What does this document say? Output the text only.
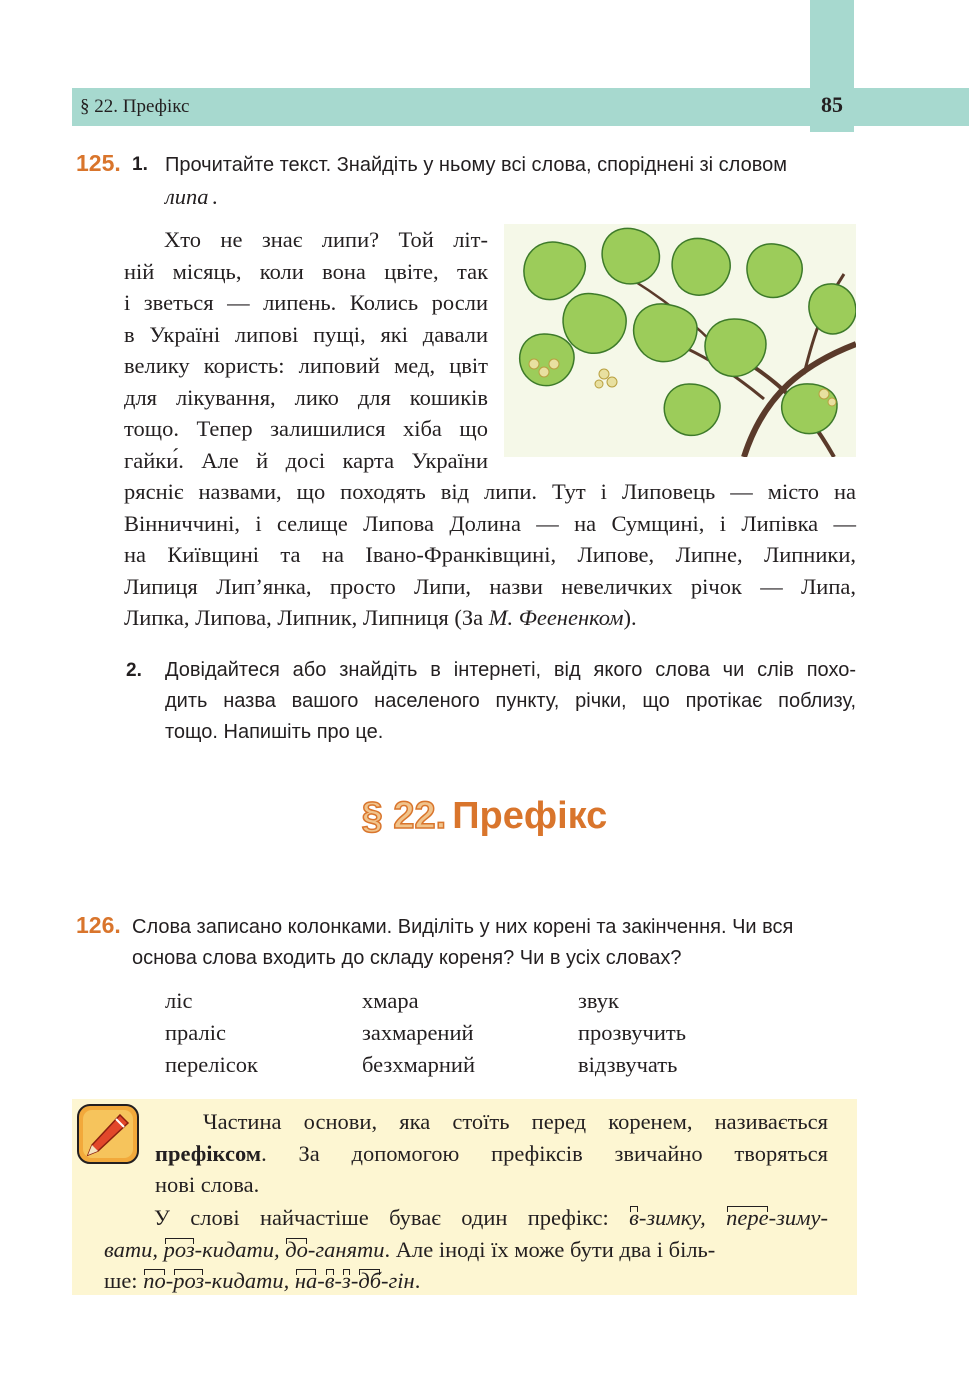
§ 22. Префікс	85
125. 1. Прочитайте текст. Знайдіть у ньому всі слова, споріднені зі словом
липа .
Хто не знає липи? Той літ-
ній місяць, коли вона цвіте, так
і зветься — липень. Колись росли
в Україні липові пущі, які давали
велику користь: липовий мед, цвіт
для лікування, лико для кошиків
тощо. Тепер залишилися хіба що
гайки́. Але й досі карта України
ряснiє назвами, що походять від липи. Тут і Липовець — місто на
Вінниччині, і селище Липова Долина — на Сумщині, і Липівка —
на Київщині та на Івано-Франківщині, Липове, Липне, Липники,
Липиця Лип’янка, просто Липи, назви невеличких річок — Липа,
Липка, Липова, Липник, Липниця (За М. Феененком).
2. Довідайтеся або знайдіть в інтернеті, від якого слова чи слів похо-
дить назва вашого населеного пункту, річки, що протікає поблизу,
тощо. Напишіть про це.
§ 22. Префікс
126. Слова записано колонками. Виділіть у них корені та закінчення. Чи вся
основа слова входить до складу кореня? Чи в усіх словах?
ліс
праліс
перелісок
хмара
захмарений
безхмарний
звук
прозвучить
відзвучать
Частина основи, яка стоїть перед коренем, називається
префіксом. За допомогою префіксів звичайно творяться
нові слова.
У слові найчастіше буває один префікс: в-зимку, пере-зиму-
вати, роз-кидати, до-ганяти. Але іноді їх може бути два і біль-
ше: по-роз-кидати, на-в-з-дб-гін.
